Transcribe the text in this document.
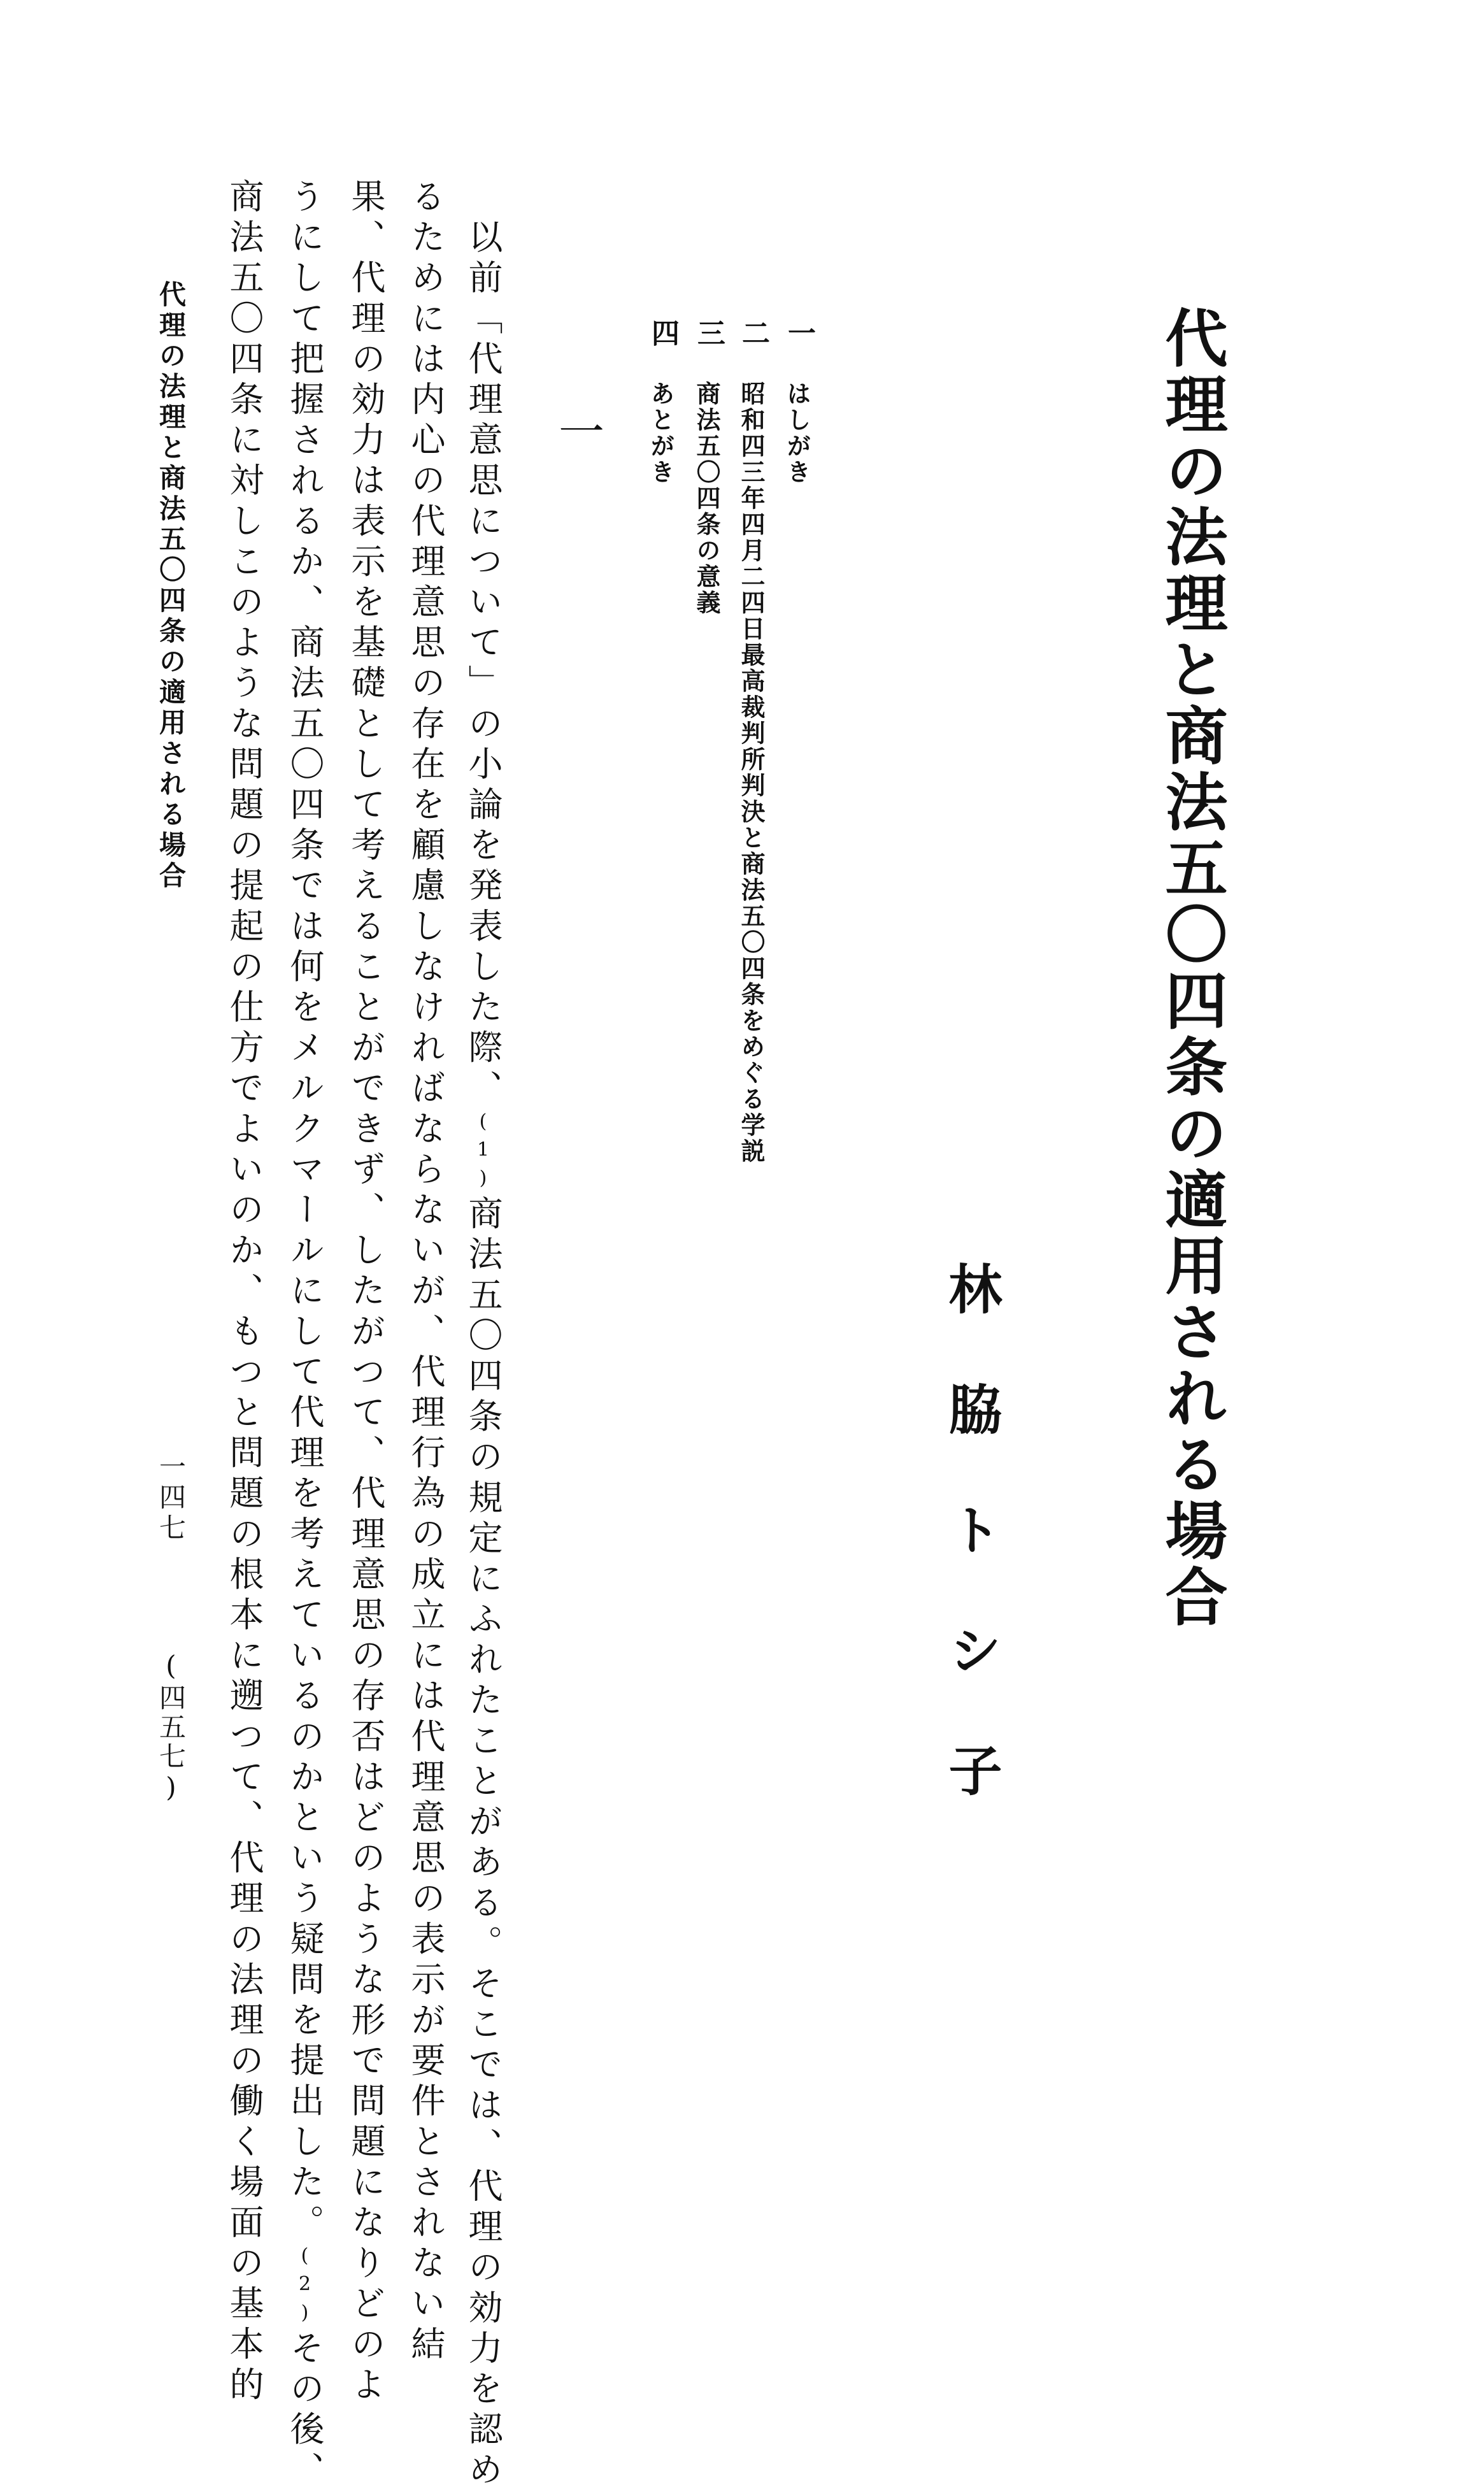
代理の法理と商法五〇四条の適用される場合
林脇トシ子
一
はしがき
二
昭和四三年四月二四日最高裁判所判決と商法五〇四条をめぐる学説
三
商法五〇四条の意義
四
あとがき
一
　以前「代理意思について」の小論を発表した際、(1)商法五〇四条の規定にふれたことがある。そこでは、代理の効力を認め
るためには内心の代理意思の存在を顧慮しなければならないが、代理行為の成立には代理意思の表示が要件とされない結
果、代理の効力は表示を基礎として考えることができず、したがつて、代理意思の存否はどのような形で問題になりどのよ
うにして把握されるか、商法五〇四条では何をメルクマールにして代理を考えているのかという疑問を提出した。(2)その後、
商法五〇四条に対しこのような問題の提起の仕方でよいのか、もつと問題の根本に遡つて、代理の法理の働く場面の基本的
代理の法理と商法五〇四条の適用される場合
一四七
(四五七)
